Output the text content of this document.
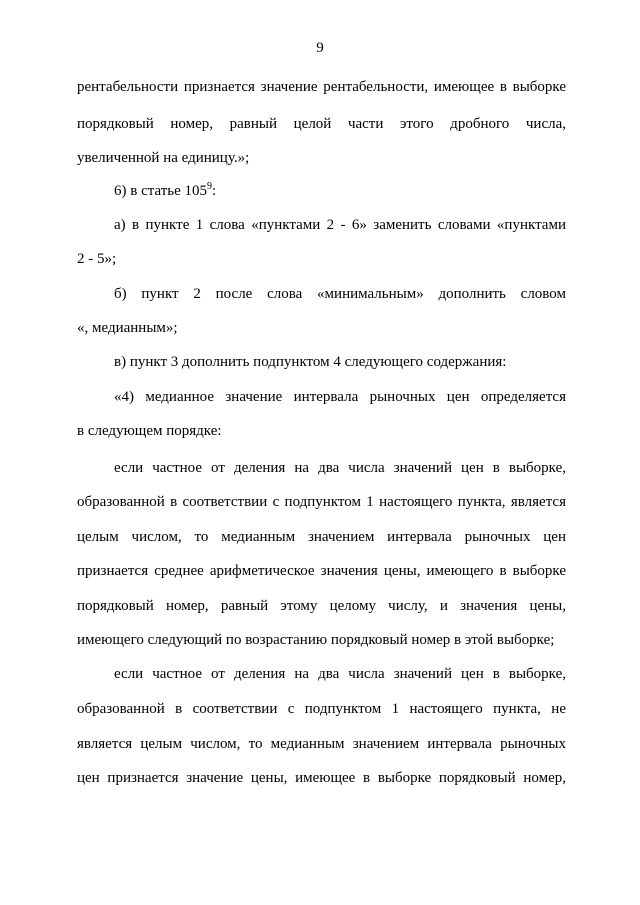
9
рентабельности признается значение рентабельности, имеющее в выборке
порядковый номер, равный целой части этого дробного числа,
увеличенной на единицу.»;
6) в статье $105^9$:
а) в пункте 1 слова «пунктами 2 - 6» заменить словами «пунктами
2 - 5»;
б) пункт 2 после слова «минимальным» дополнить словом
«, медианным»;
в) пункт 3 дополнить подпунктом 4 следующего содержания:
«4) медианное значение интервала рыночных цен определяется
в следующем порядке:
если частное от деления на два числа значений цен в выборке,
образованной в соответствии с подпунктом 1 настоящего пункта, является
целым числом, то медианным значением интервала рыночных цен
признается среднее арифметическое значения цены, имеющего в выборке
порядковый номер, равный этому целому числу, и значения цены,
имеющего следующий по возрастанию порядковый номер в этой выборке;
если частное от деления на два числа значений цен в выборке,
образованной в соответствии с подпунктом 1 настоящего пункта, не
является целым числом, то медианным значением интервала рыночных
цен признается значение цены, имеющее в выборке порядковый номер,
